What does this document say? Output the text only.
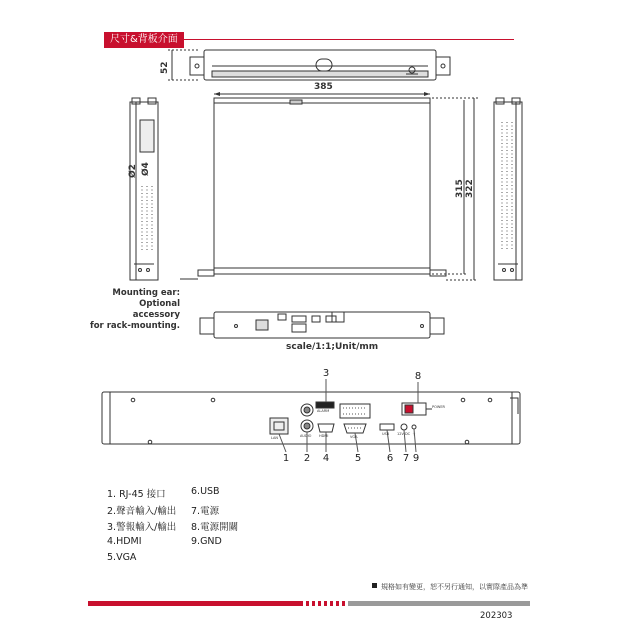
尺寸&背板介面
52
385
315 322
Ø2 Ø4
Mounting ear:
Optional accessory
for rack-mounting.
scale/1:1;Unit/mm
LAN	AUDIO
ALARM
HDMI	VGA
USB 12V DC ⏚
POWER
3	8
1 2 4	5	6 7 9
1. RJ-45 接口
2.聲音輸入/輸出
3.警報輸入/輸出
4.HDMI
5.VGA
6.USB
7.電源
8.電源開關
9.GND
規格如有變更，恕不另行通知，以實際產品為準
202303
